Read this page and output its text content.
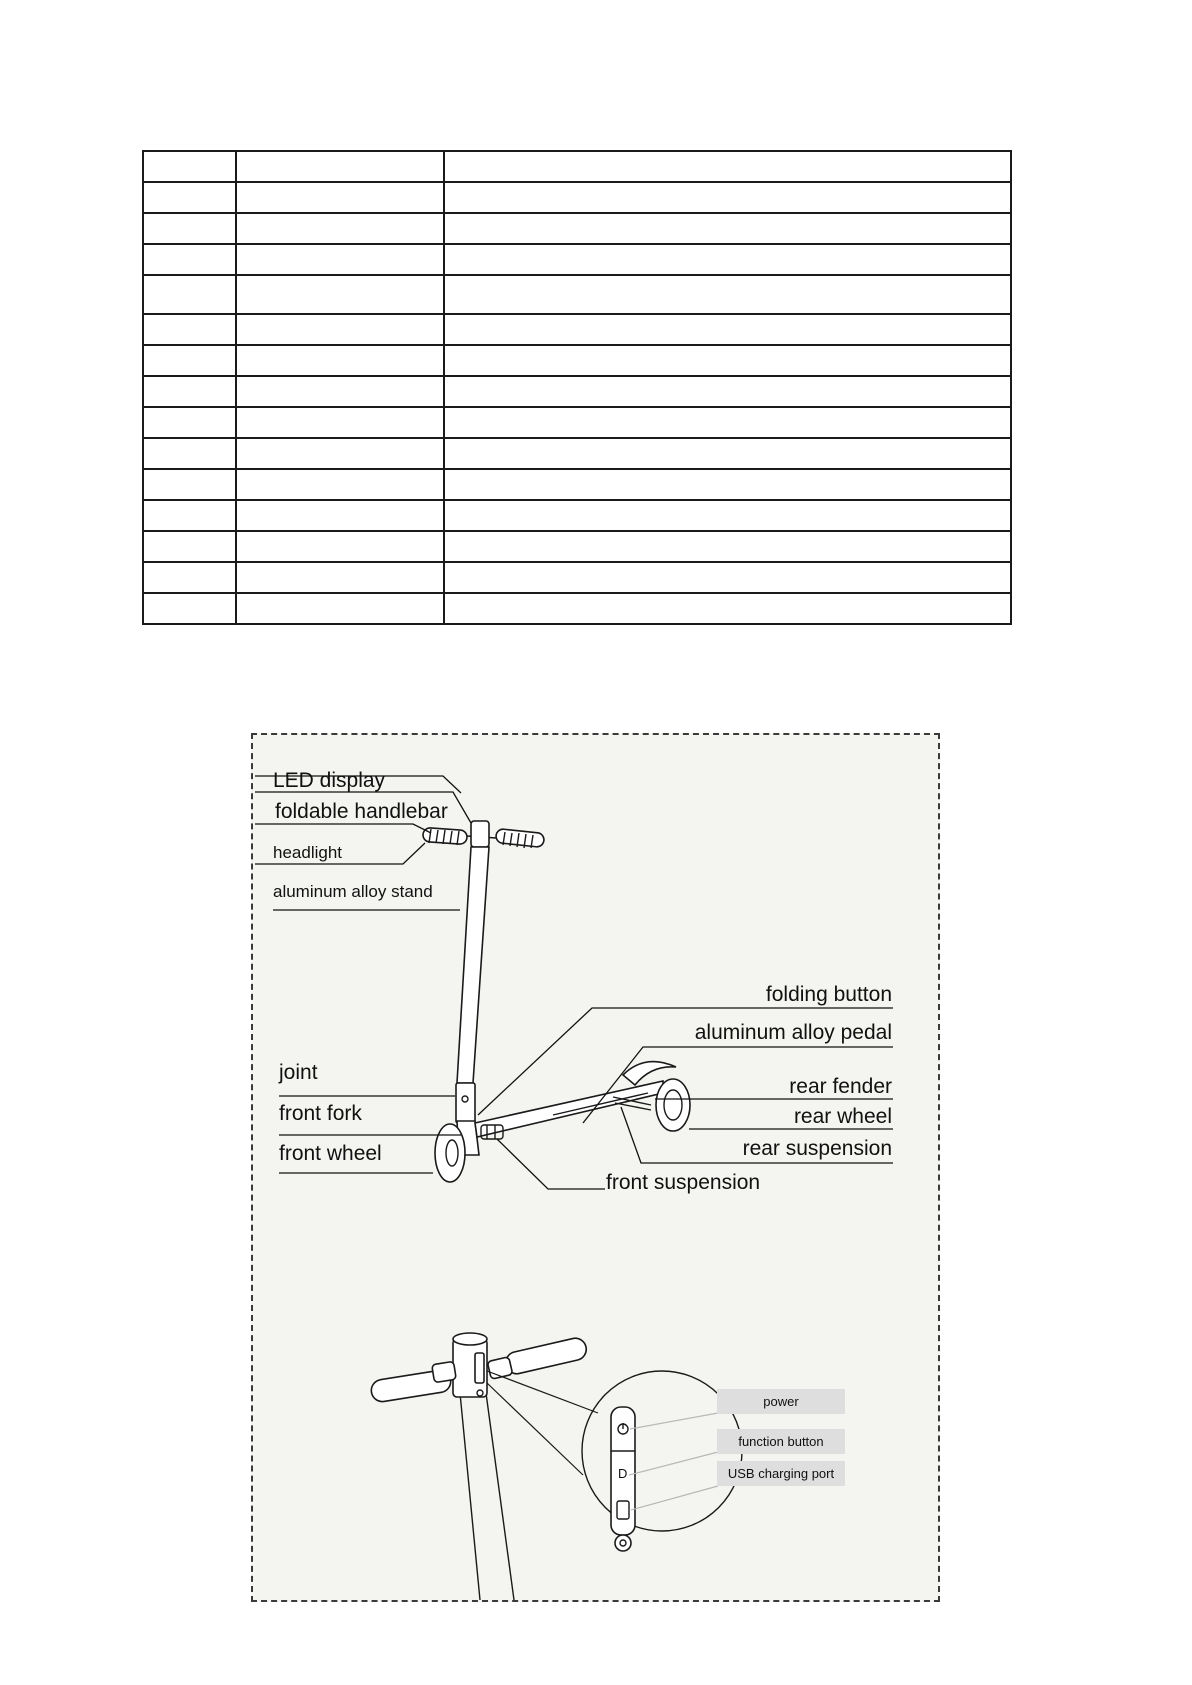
LED display
foldable handlebar
headlight
aluminum alloy stand
folding button
aluminum alloy pedal
joint
rear fender
front fork	rear wheel
rear suspension
front wheel
front suspension
D
power
function button
USB charging port
